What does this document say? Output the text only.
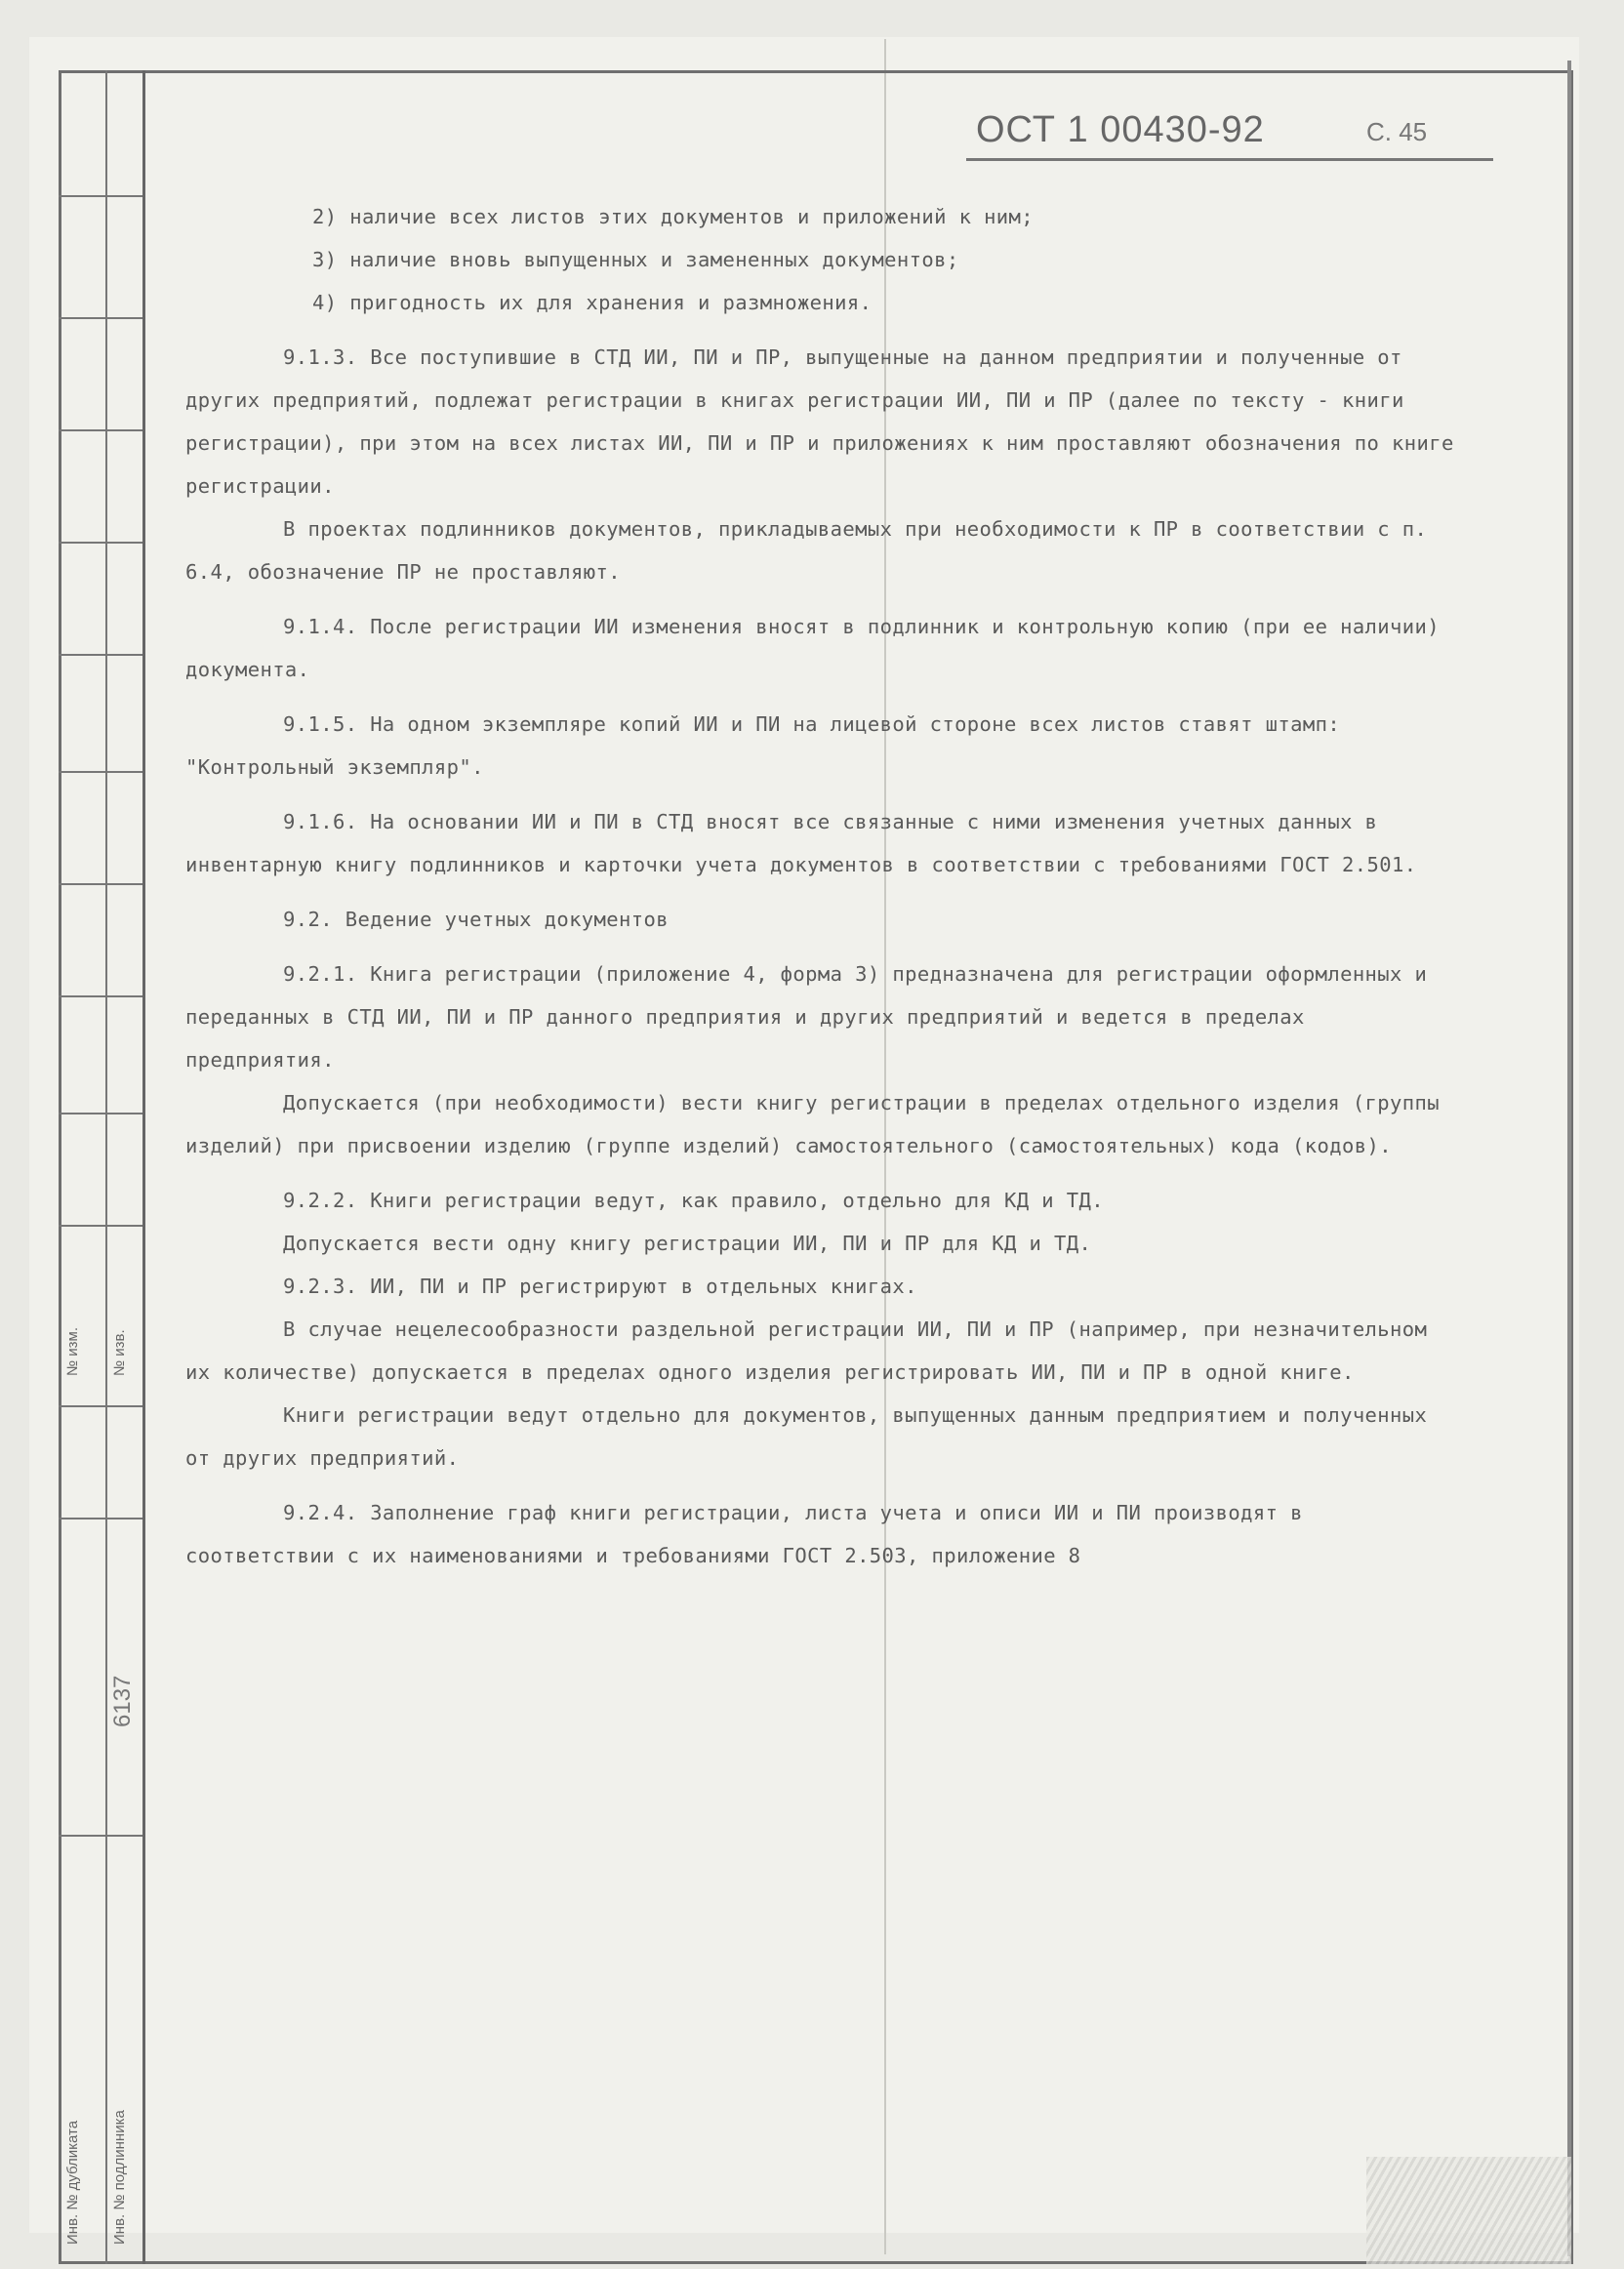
№ изм. № изв.
6137
Инв. № дубликата Инв. № подлинника
ОСТ 1 00430-92	С. 45

2) наличие всех листов этих документов и приложений к ним;

3) наличие вновь выпущенных и замененных документов;

4) пригодность их для хранения и размножения.

9.1.3. Все поступившие в СТД ИИ, ПИ и ПР, выпущенные на данном предприятии и полученные от других предприятий, подлежат регистрации в книгах регистрации ИИ, ПИ и ПР (далее по тексту - книги регистрации), при этом на всех листах ИИ, ПИ и ПР и приложениях к ним проставляют обозначения по книге регистрации.

В проектах подлинников документов, прикладываемых при необходимости к ПР в соответствии с п. 6.4, обозначение ПР не проставляют.

9.1.4. После регистрации ИИ изменения вносят в подлинник и контрольную копию (при ее наличии) документа.

9.1.5. На одном экземпляре копий ИИ и ПИ на лицевой стороне всех листов ставят штамп: "Контрольный экземпляр".

9.1.6. На основании ИИ и ПИ в СТД вносят все связанные с ними изменения учетных данных в инвентарную книгу подлинников и карточки учета документов в соответствии с требованиями ГОСТ 2.501.

9.2. Ведение учетных документов

9.2.1. Книга регистрации (приложение 4, форма 3) предназначена для регистрации оформленных и переданных в СТД ИИ, ПИ и ПР данного предприятия и других предприятий и ведется в пределах предприятия.

Допускается (при необходимости) вести книгу регистрации в пределах отдельного изделия (группы изделий) при присвоении изделию (группе изделий) самостоятельного (самостоятельных) кода (кодов).

9.2.2. Книги регистрации ведут, как правило, отдельно для КД и ТД.

Допускается вести одну книгу регистрации ИИ, ПИ и ПР для КД и ТД.

9.2.3. ИИ, ПИ и ПР регистрируют в отдельных книгах.

В случае нецелесообразности раздельной регистрации ИИ, ПИ и ПР (например, при незначительном их количестве) допускается в пределах одного изделия регистрировать ИИ, ПИ и ПР в одной книге.

Книги регистрации ведут отдельно для документов, выпущенных данным предприятием и полученных от других предприятий.

9.2.4. Заполнение граф книги регистрации, листа учета и описи ИИ и ПИ производят в соответствии с их наименованиями и требованиями ГОСТ 2.503, приложение 8
